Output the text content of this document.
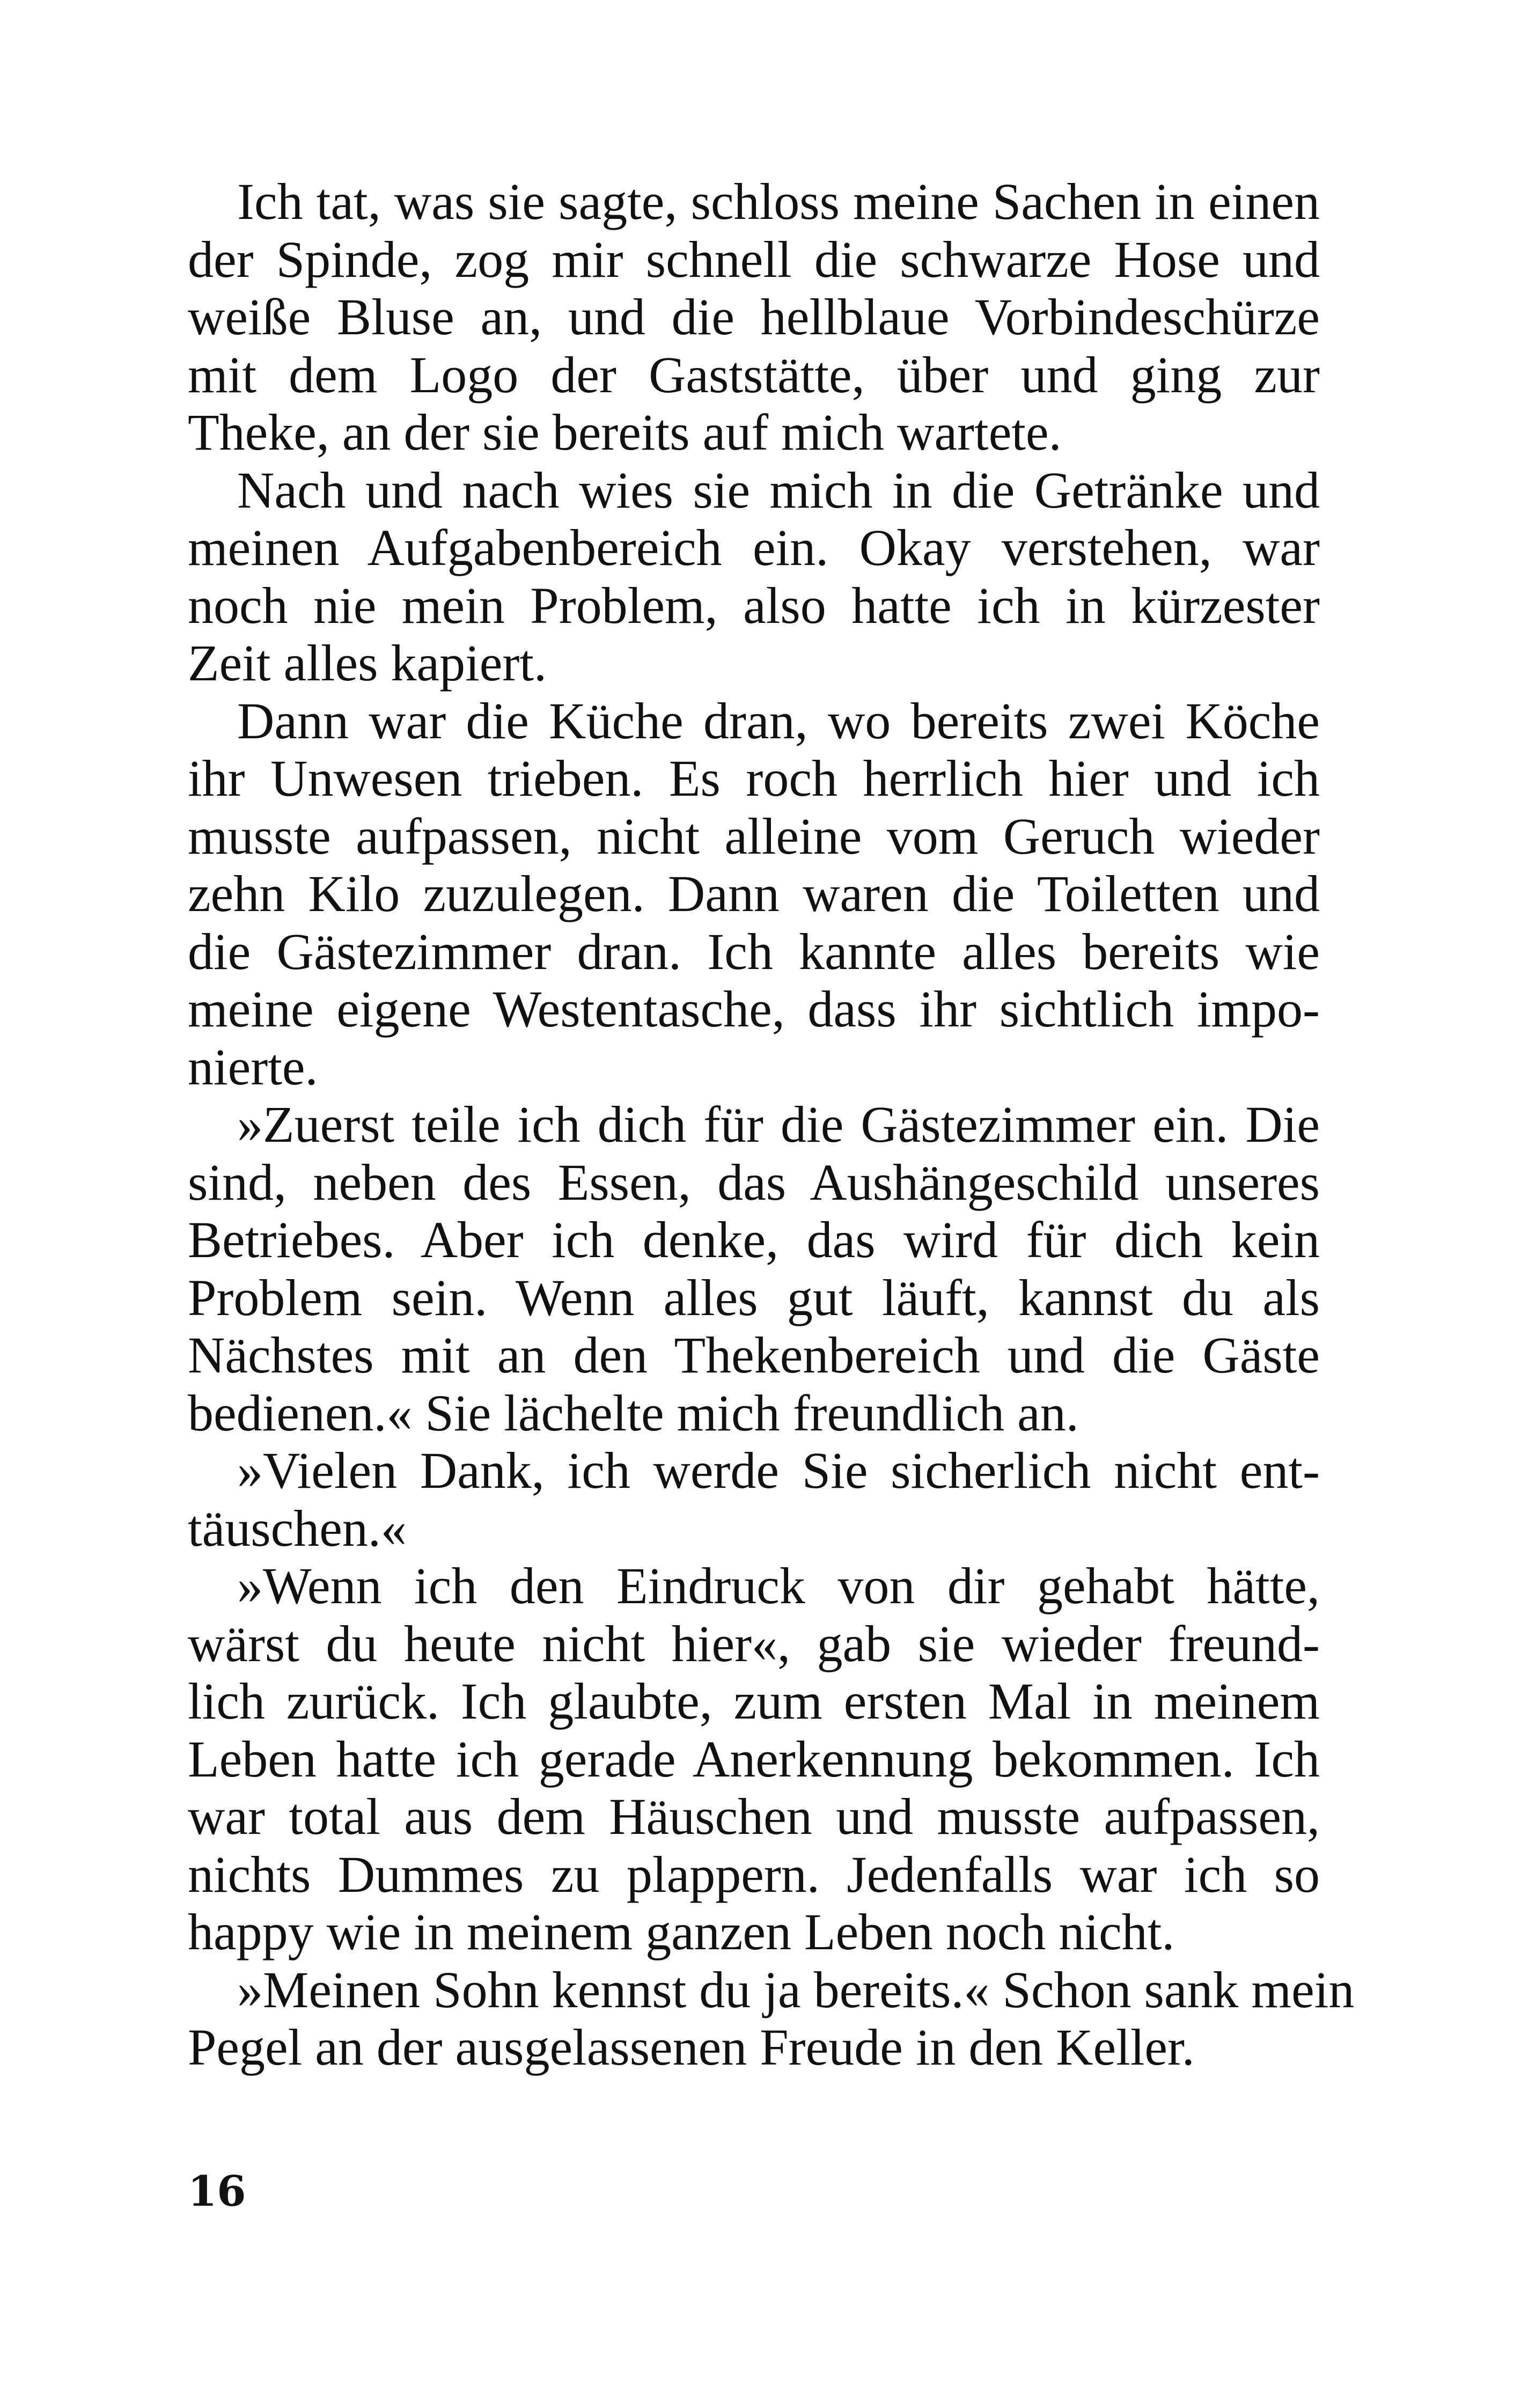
Ich tat, was sie sagte, schloss meine Sachen in einen
der Spinde, zog mir schnell die schwarze Hose und
weiße Bluse an, und die hellblaue Vorbindeschürze
mit dem Logo der Gaststätte, über und ging zur
Theke, an der sie bereits auf mich wartete.
Nach und nach wies sie mich in die Getränke und
meinen Aufgabenbereich ein. Okay verstehen, war
noch nie mein Problem, also hatte ich in kürzester
Zeit alles kapiert.
Dann war die Küche dran, wo bereits zwei Köche
ihr Unwesen trieben. Es roch herrlich hier und ich
musste aufpassen, nicht alleine vom Geruch wieder
zehn Kilo zuzulegen. Dann waren die Toiletten und
die Gästezimmer dran. Ich kannte alles bereits wie
meine eigene Westentasche, dass ihr sichtlich impo-
nierte.
»Zuerst teile ich dich für die Gästezimmer ein. Die
sind, neben des Essen, das Aushängeschild unseres
Betriebes. Aber ich denke, das wird für dich kein
Problem sein. Wenn alles gut läuft, kannst du als
Nächstes mit an den Thekenbereich und die Gäste
bedienen.« Sie lächelte mich freundlich an.
»Vielen Dank, ich werde Sie sicherlich nicht ent-
täuschen.«
»Wenn ich den Eindruck von dir gehabt hätte,
wärst du heute nicht hier«, gab sie wieder freund-
lich zurück. Ich glaubte, zum ersten Mal in meinem
Leben hatte ich gerade Anerkennung bekommen. Ich
war total aus dem Häuschen und musste aufpassen,
nichts Dummes zu plappern. Jedenfalls war ich so
happy wie in meinem ganzen Leben noch nicht.
»Meinen Sohn kennst du ja bereits.« Schon sank mein
Pegel an der ausgelassenen Freude in den Keller.
16
